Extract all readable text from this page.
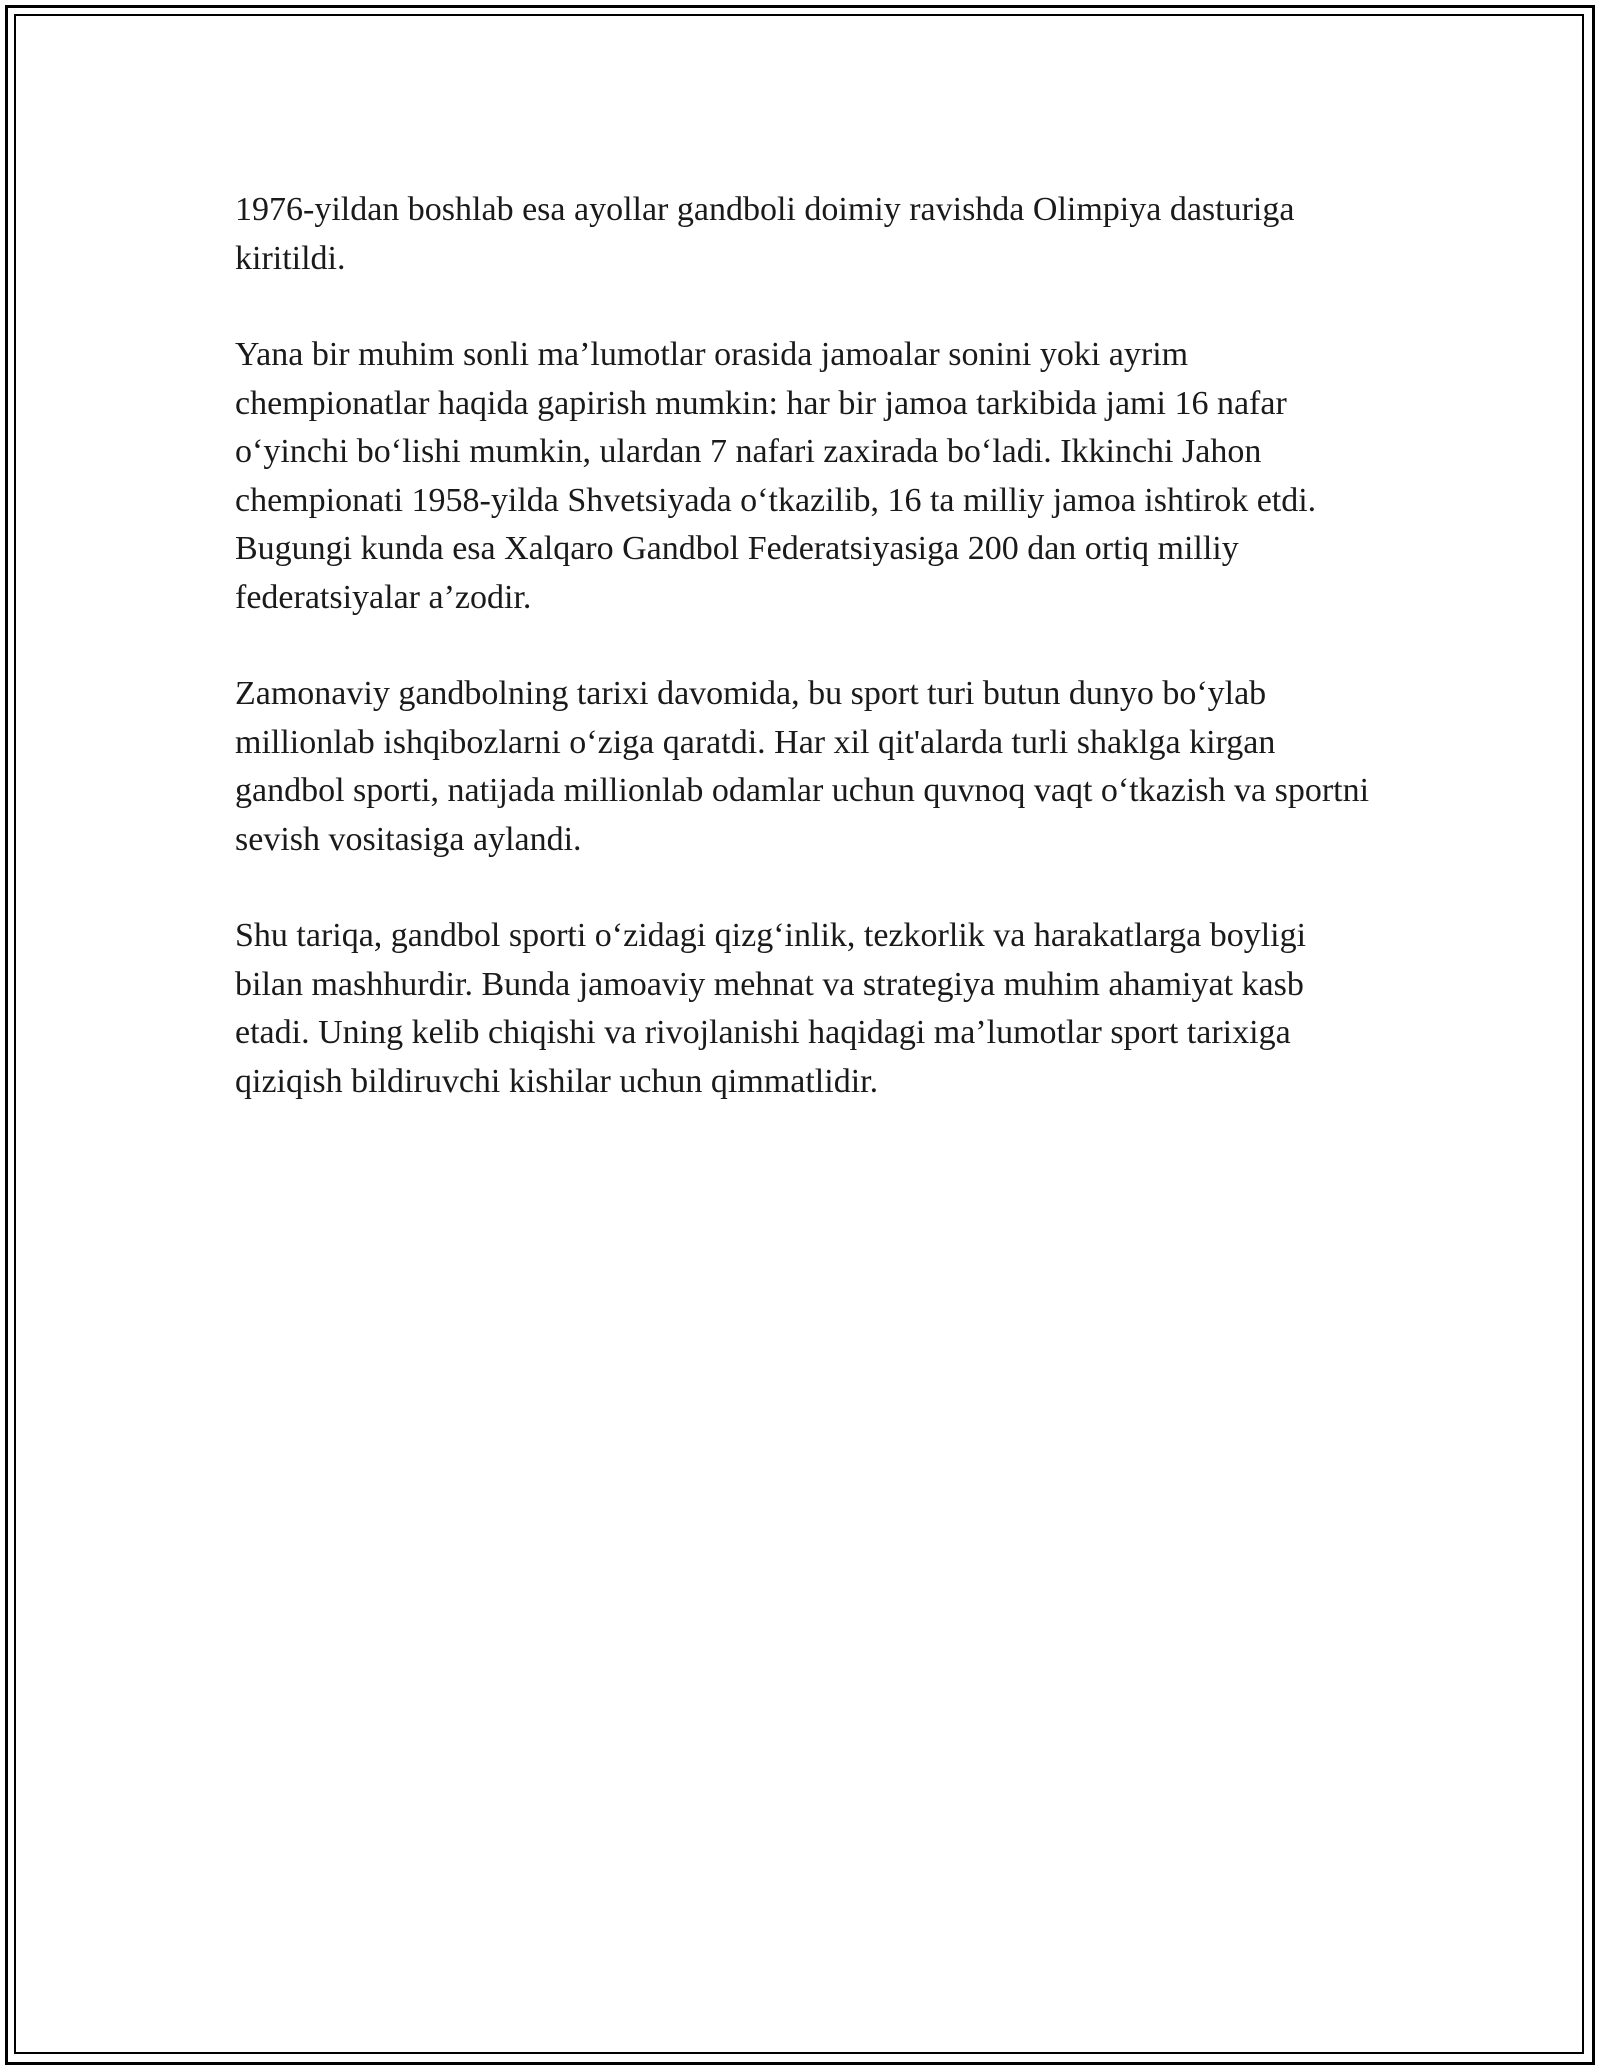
1976-yildan boshlab esa ayollar gandboli doimiy ravishda Olimpiya dasturiga kiritildi.

Yana bir muhim sonli ma’lumotlar orasida jamoalar sonini yoki ayrim chempionatlar haqida gapirish mumkin: har bir jamoa tarkibida jami 16 nafar o‘yinchi bo‘lishi mumkin, ulardan 7 nafari zaxirada bo‘ladi. Ikkinchi Jahon chempionati 1958-yilda Shvetsiyada o‘tkazilib, 16 ta milliy jamoa ishtirok etdi. Bugungi kunda esa Xalqaro Gandbol Federatsiyasiga 200 dan ortiq milliy federatsiyalar a’zodir.

Zamonaviy gandbolning tarixi davomida, bu sport turi butun dunyo bo‘ylab millionlab ishqibozlarni o‘ziga qaratdi. Har xil qit'alarda turli shaklga kirgan gandbol sporti, natijada millionlab odamlar uchun quvnoq vaqt o‘tkazish va sportni sevish vositasiga aylandi.

Shu tariqa, gandbol sporti o‘zidagi qizg‘inlik, tezkorlik va harakatlarga boyligi bilan mashhurdir. Bunda jamoaviy mehnat va strategiya muhim ahamiyat kasb etadi. Uning kelib chiqishi va rivojlanishi haqidagi ma’lumotlar sport tarixiga qiziqish bildiruvchi kishilar uchun qimmatlidir.
